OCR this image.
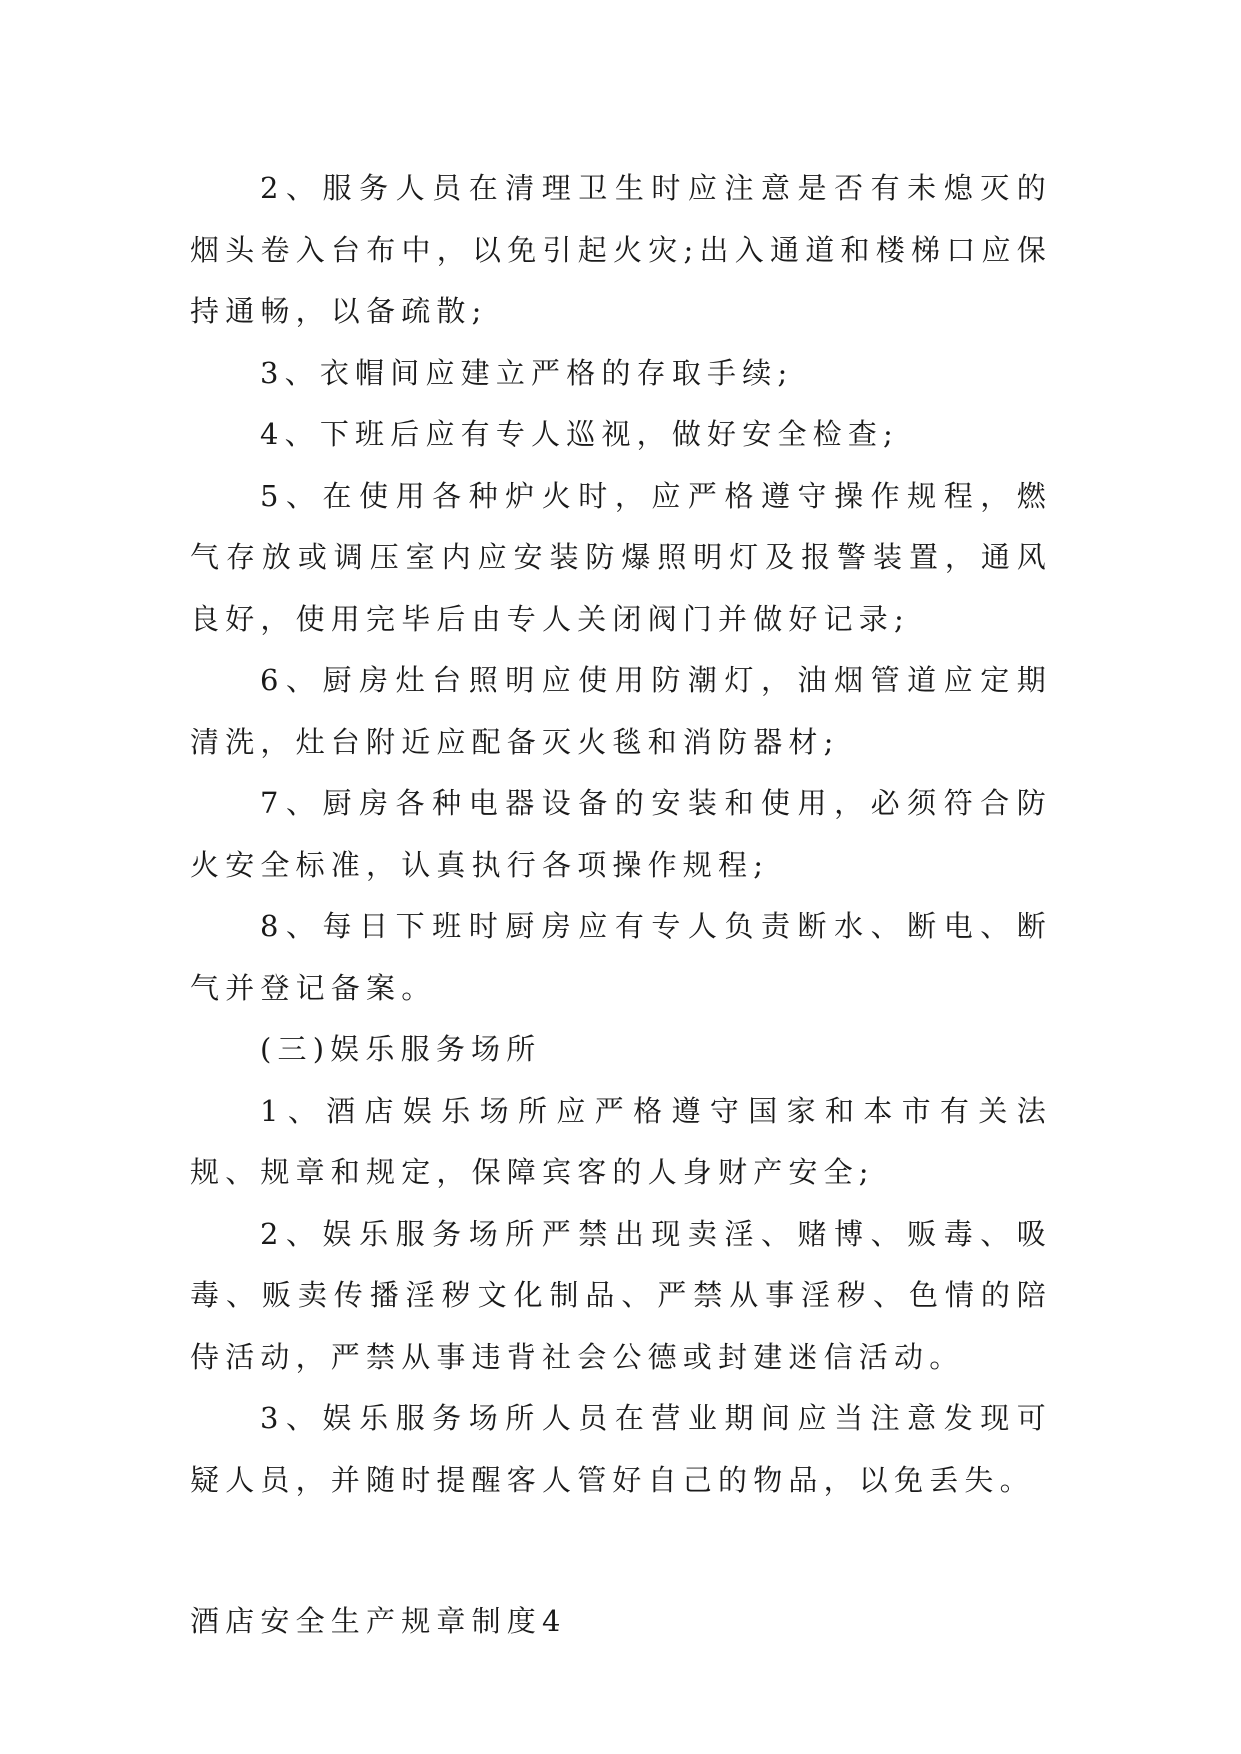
2、服务人员在清理卫生时应注意是否有未熄灭的烟头卷入台布中，以免引起火灾;出入通道和楼梯口应保持通畅，以备疏散;

3、衣帽间应建立严格的存取手续;

4、下班后应有专人巡视，做好安全检查;

5、在使用各种炉火时，应严格遵守操作规程，燃气存放或调压室内应安装防爆照明灯及报警装置，通风良好，使用完毕后由专人关闭阀门并做好记录;

6、厨房灶台照明应使用防潮灯，油烟管道应定期清洗，灶台附近应配备灭火毯和消防器材;

7、厨房各种电器设备的安装和使用，必须符合防火安全标准，认真执行各项操作规程;

8、每日下班时厨房应有专人负责断水、断电、断气并登记备案。

(三)娱乐服务场所

1、酒店娱乐场所应严格遵守国家和本市有关法规、规章和规定，保障宾客的人身财产安全;

2、娱乐服务场所严禁出现卖淫、赌博、贩毒、吸毒、贩卖传播淫秽文化制品、严禁从事淫秽、色情的陪侍活动，严禁从事违背社会公德或封建迷信活动。

3、娱乐服务场所人员在营业期间应当注意发现可疑人员，并随时提醒客人管好自己的物品，以免丢失。

酒店安全生产规章制度4
